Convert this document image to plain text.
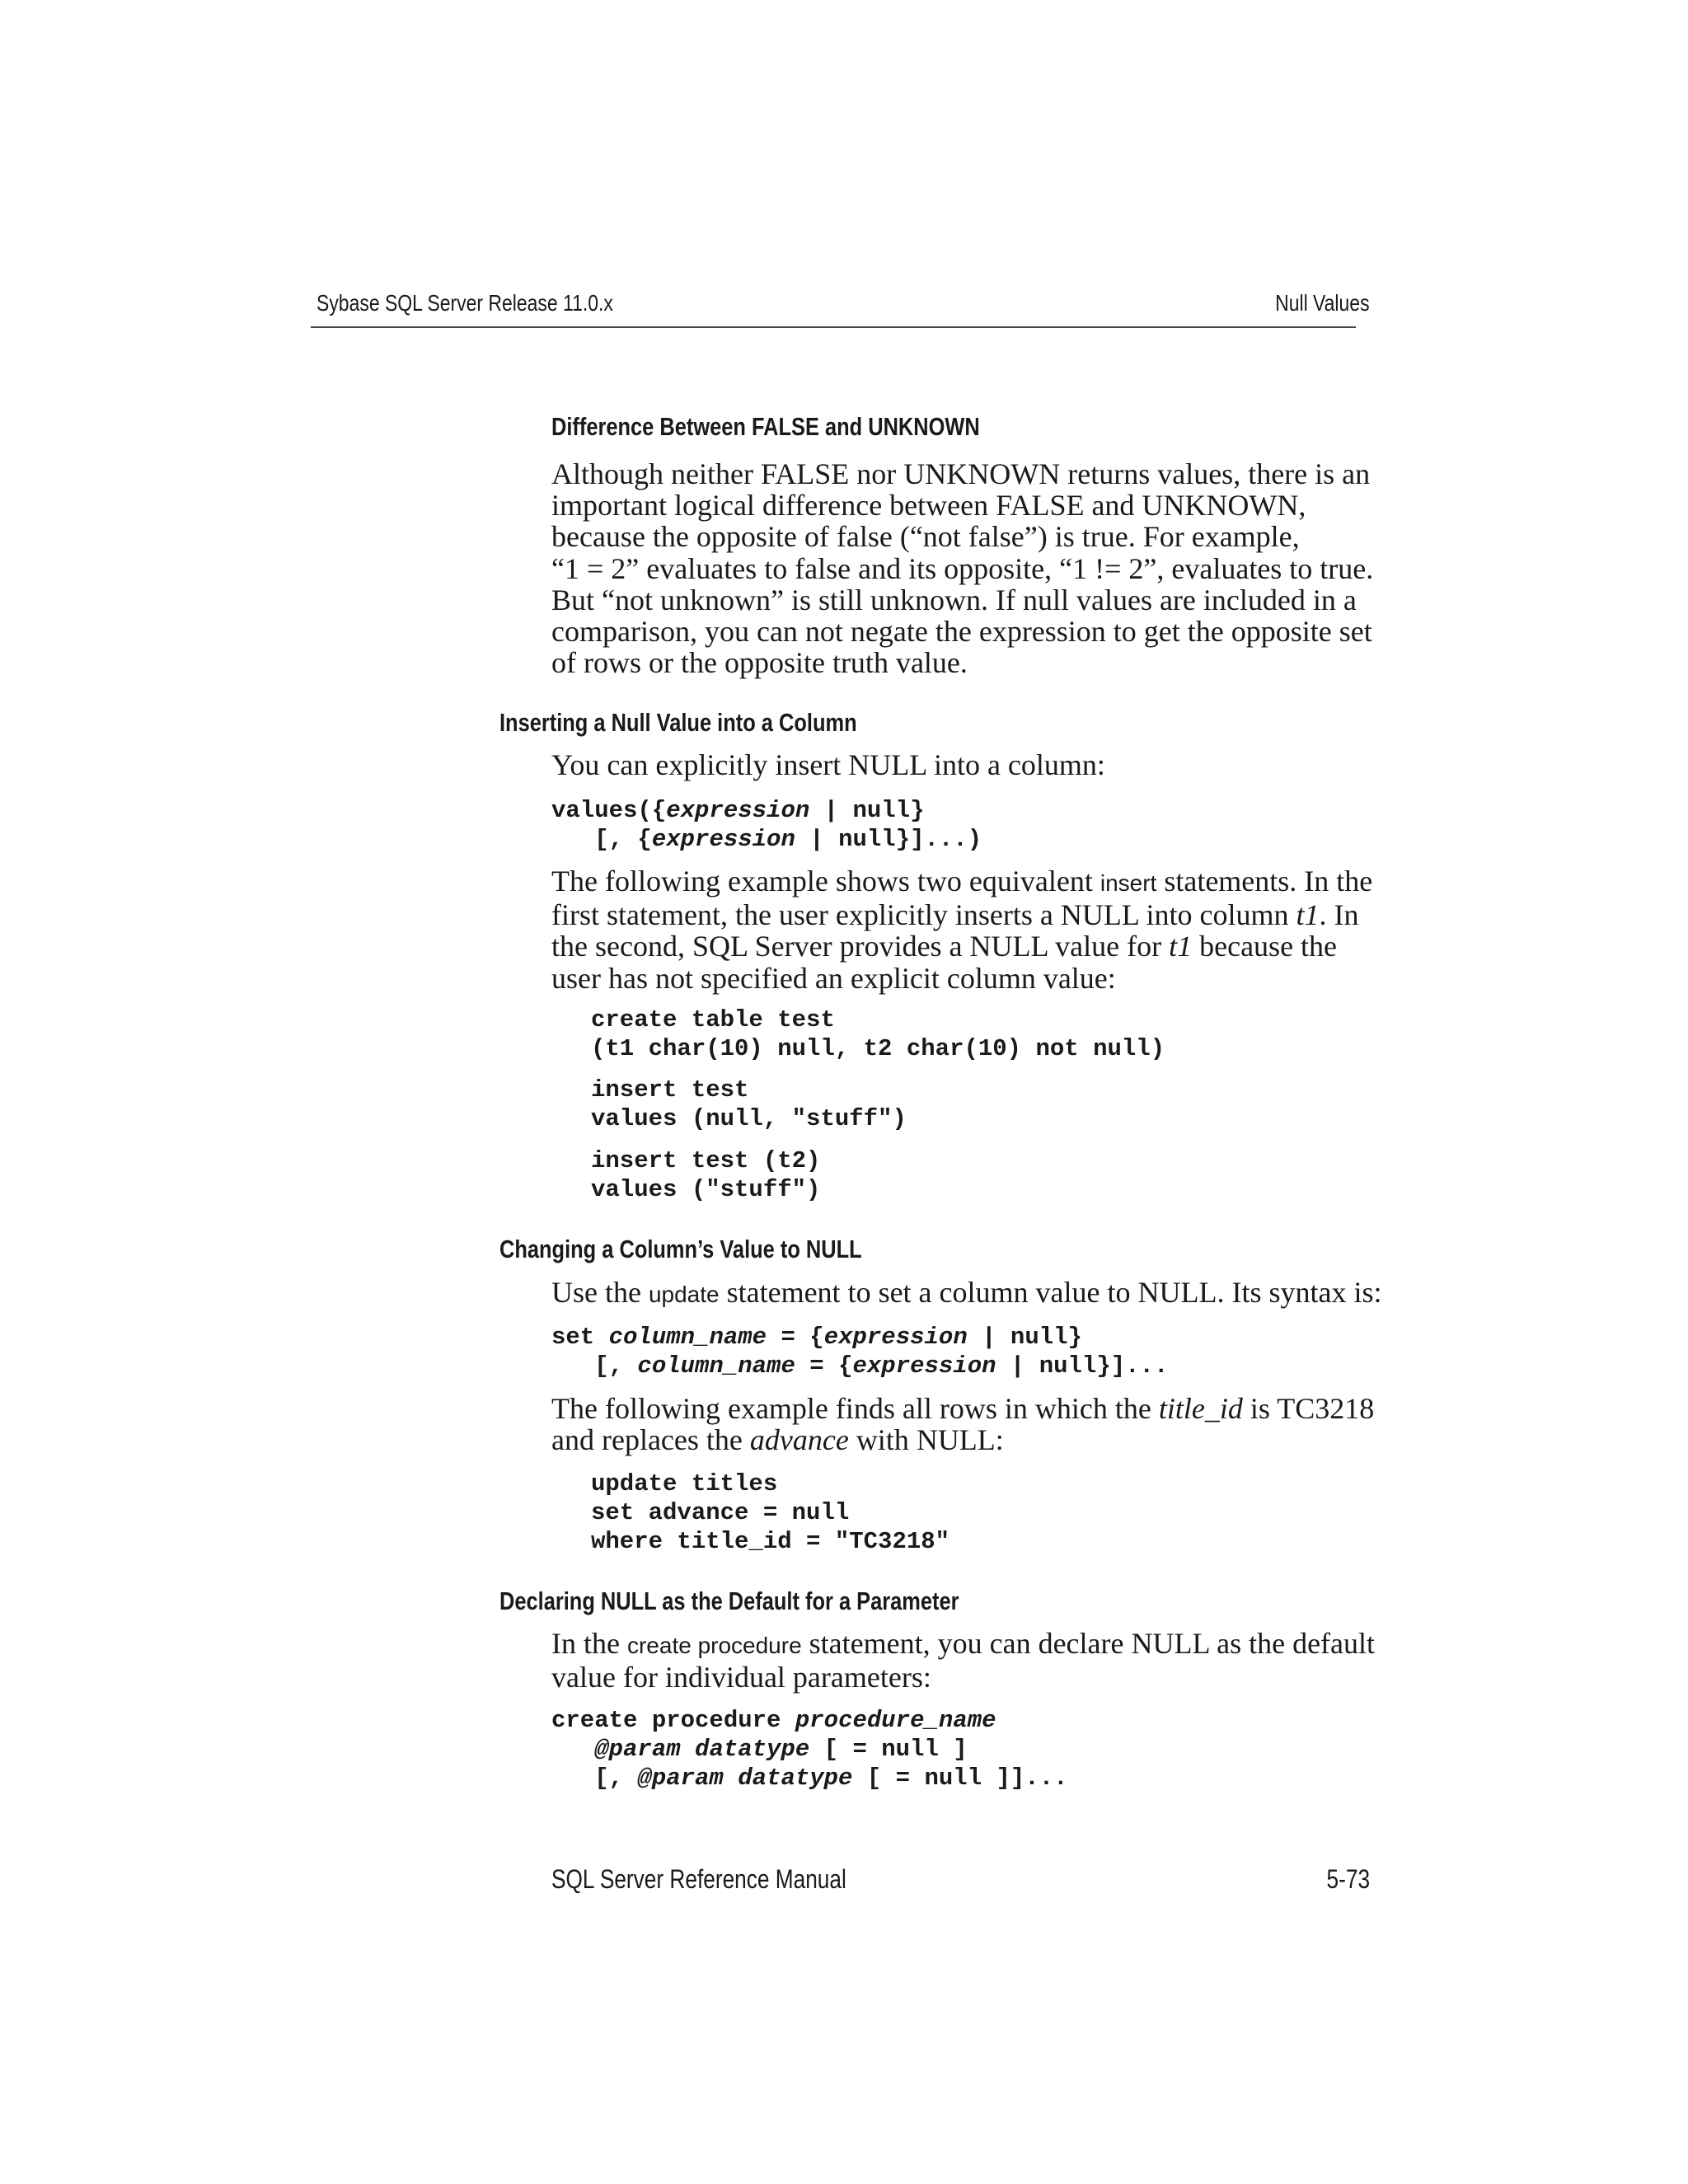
Sybase SQL Server Release 11.0.x	Null Values
Difference Between FALSE and UNKNOWN
Although neither FALSE nor UNKNOWN returns values, there is an
important logical difference between FALSE and UNKNOWN,
because the opposite of false (“not false”) is true. For example,
“1 = 2” evaluates to false and its opposite, “1 != 2”, evaluates to true.
But “not unknown” is still unknown. If null values are included in a
comparison, you can not negate the expression to get the opposite set
of rows or the opposite truth value.
Inserting a Null Value into a Column
You can explicitly insert NULL into a column:
values({expression | null}
[, {expression | null}]...)
The following example shows two equivalent insert statements. In the
first statement, the user explicitly inserts a NULL into column t1. In
the second, SQL Server provides a NULL value for t1 because the
user has not specified an explicit column value:
create table test
(t1 char(10) null, t2 char(10) not null)
insert test
values (null, "stuff")
insert test (t2)
values ("stuff")
Changing a Column’s Value to NULL
Use the update statement to set a column value to NULL. Its syntax is:
set column_name = {expression | null}
[, column_name = {expression | null}]...
The following example finds all rows in which the title_id is TC3218
and replaces the advance with NULL:
update titles
set advance = null
where title_id = "TC3218"
Declaring NULL as the Default for a Parameter
In the create procedure statement, you can declare NULL as the default
value for individual parameters:
create procedure procedure_name
@param datatype [ = null ]
[, @param datatype [ = null ]]...
SQL Server Reference Manual	5-73
